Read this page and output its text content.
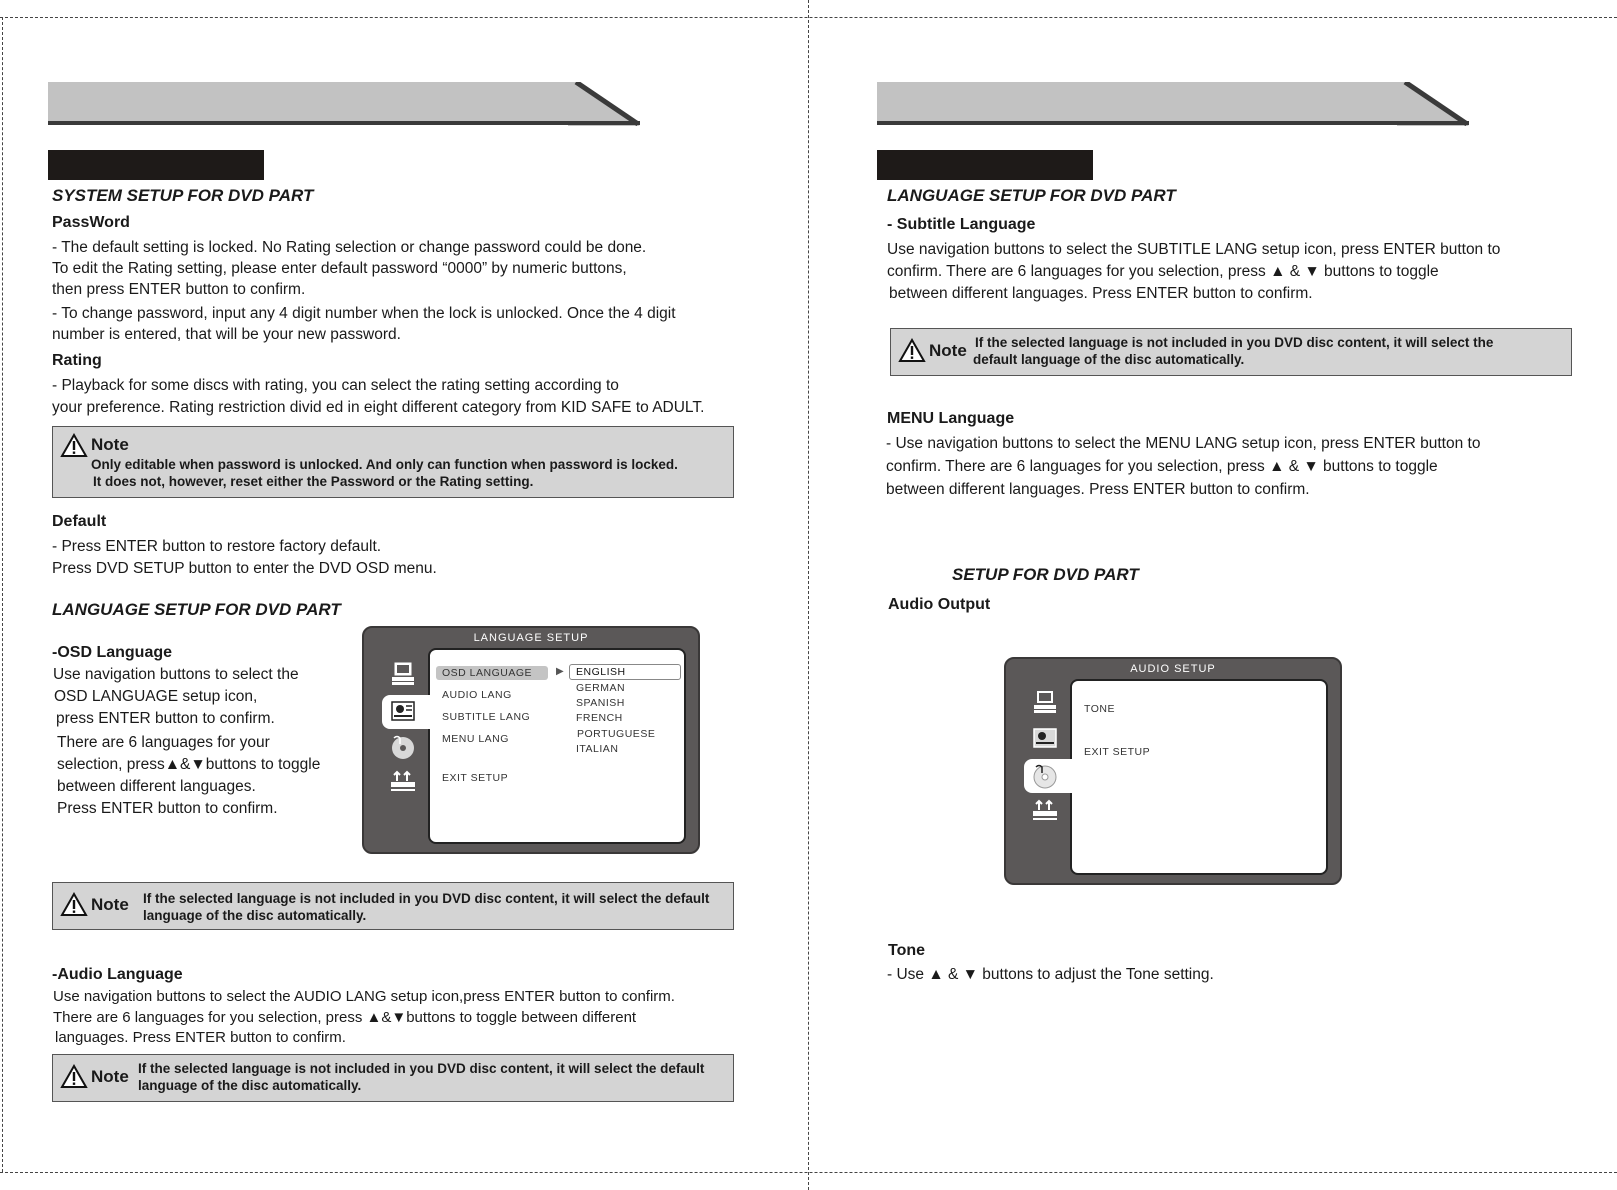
SYSTEM SETUP FOR DVD PART
PassWord
- The default setting is locked. No Rating selection or change password could be done.
To edit the Rating setting, please enter default password “0000” by numeric buttons,
then press ENTER button to confirm.
- To change password, input any 4 digit number when the lock is unlocked. Once the 4 digit
number is entered, that will be your new password.
Rating
- Playback for some discs with rating, you can select the rating setting according to
your preference. Rating restriction divid ed in eight different category from KID SAFE to ADULT.
Note
Only editable when password is unlocked. And only can function when password is locked.
It does not, however, reset either the Password or the Rating setting.
Default
- Press ENTER button to restore factory default.
Press DVD SETUP button to enter the DVD OSD menu.
LANGUAGE SETUP FOR DVD PART
-OSD Language
Use navigation buttons to select the
OSD LANGUAGE setup icon,
press ENTER button to confirm.
There are 6 languages for your
selection, press▲&▼buttons to toggle
between different languages.
Press ENTER button to confirm.
LANGUAGE SETUP
OSD LANGUAGE
AUDIO LANG
SUBTITLE LANG
MENU LANG
EXIT SETUP
▶ ENGLISH
GERMAN
SPANISH
FRENCH
PORTUGUESE
ITALIAN
Note If the selected language is not included in you DVD disc content, it will select the default
language of the disc automatically.
-Audio Language
Use navigation buttons to select the AUDIO LANG setup icon,press ENTER button to confirm.
There are 6 languages for you selection, press ▲&▼buttons to toggle between different
languages. Press ENTER button to confirm.
Note If the selected language is not included in you DVD disc content, it will select the default
language of the disc automatically.
LANGUAGE SETUP FOR DVD PART
- Subtitle Language
Use navigation buttons to select the SUBTITLE LANG setup icon, press ENTER button to
confirm. There are 6 languages for you selection, press ▲ & ▼ buttons to toggle
between different languages. Press ENTER button to confirm.
Note If the selected language is not included in you DVD disc content, it will select the
default language of the disc automatically.
MENU Language
- Use navigation buttons to select the MENU LANG setup icon, press ENTER button to
confirm. There are 6 languages for you selection, press ▲ & ▼ buttons to toggle
between different languages. Press ENTER button to confirm.
SETUP FOR DVD PART
Audio Output
AUDIO SETUP
TONE
EXIT SETUP
Tone
- Use ▲ & ▼ buttons to adjust the Tone setting.
